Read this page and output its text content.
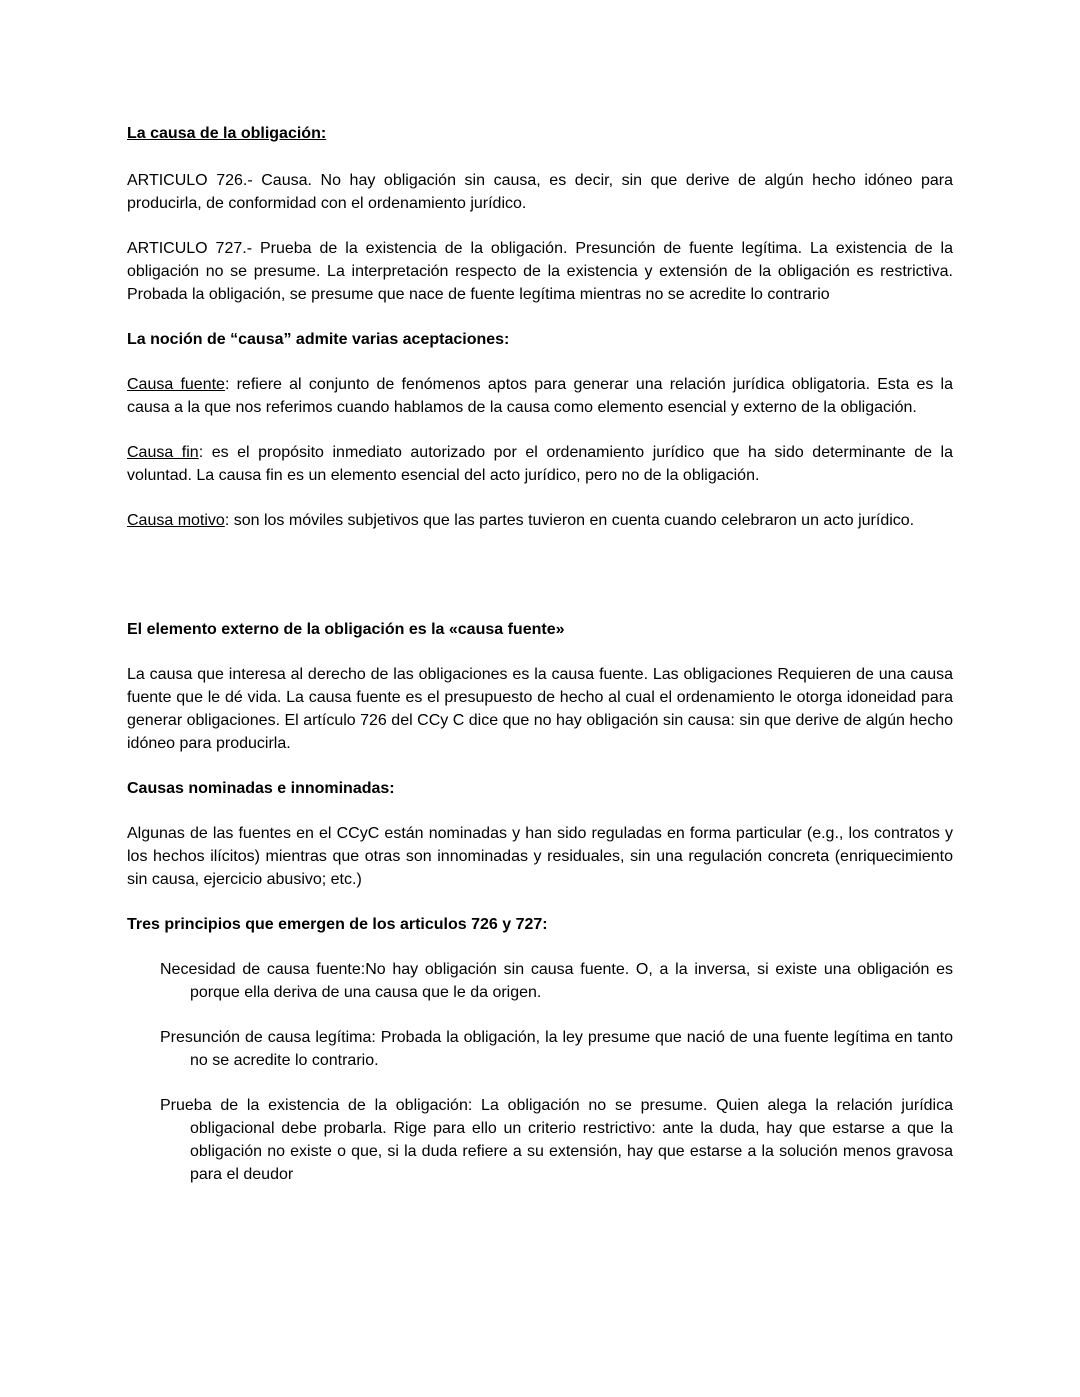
La causa de la obligación:

ARTICULO 726.- Causa. No hay obligación sin causa, es decir, sin que derive de algún hecho idóneo para producirla, de conformidad con el ordenamiento jurídico.

ARTICULO 727.- Prueba de la existencia de la obligación. Presunción de fuente legítima. La existencia de la obligación no se presume. La interpretación respecto de la existencia y extensión de la obligación es restrictiva. Probada la obligación, se presume que nace de fuente legítima mientras no se acredite lo contrario

La noción de “causa” admite varias aceptaciones:

Causa fuente: refiere al conjunto de fenómenos aptos para generar una relación jurídica obligatoria. Esta es la causa a la que nos referimos cuando hablamos de la causa como elemento esencial y externo de la obligación.

Causa fin: es el propósito inmediato autorizado por el ordenamiento jurídico que ha sido determinante de la voluntad. La causa fin es un elemento esencial del acto jurídico, pero no de la obligación.

Causa motivo: son los móviles subjetivos que las partes tuvieron en cuenta cuando celebraron un acto jurídico.

El elemento externo de la obligación es la «causa fuente»

La causa que interesa al derecho de las obligaciones es la causa fuente. Las obligaciones Requieren de una causa fuente que le dé vida. La causa fuente es el presupuesto de hecho al cual el ordenamiento le otorga idoneidad para generar obligaciones. El artículo 726 del CCy C dice que no hay obligación sin causa: sin que derive de algún hecho idóneo para producirla.

Causas nominadas e innominadas:

Algunas de las fuentes en el CCyC están nominadas y han sido reguladas en forma particular (e.g., los contratos y los hechos ilícitos) mientras que otras son innominadas y residuales, sin una regulación concreta (enriquecimiento sin causa, ejercicio abusivo; etc.)

Tres principios que emergen de los articulos 726 y 727:
Necesidad de causa fuente:No hay obligación sin causa fuente. O, a la inversa, si existe una obligación es porque ella deriva de una causa que le da origen.
Presunción de causa legítima: Probada la obligación, la ley presume que nació de una fuente legítima en tanto no se acredite lo contrario.
Prueba de la existencia de la obligación: La obligación no se presume. Quien alega la relación jurídica obligacional debe probarla. Rige para ello un criterio restrictivo: ante la duda, hay que estarse a que la obligación no existe o que, si la duda refiere a su extensión, hay que estarse a la solución menos gravosa para el deudor
